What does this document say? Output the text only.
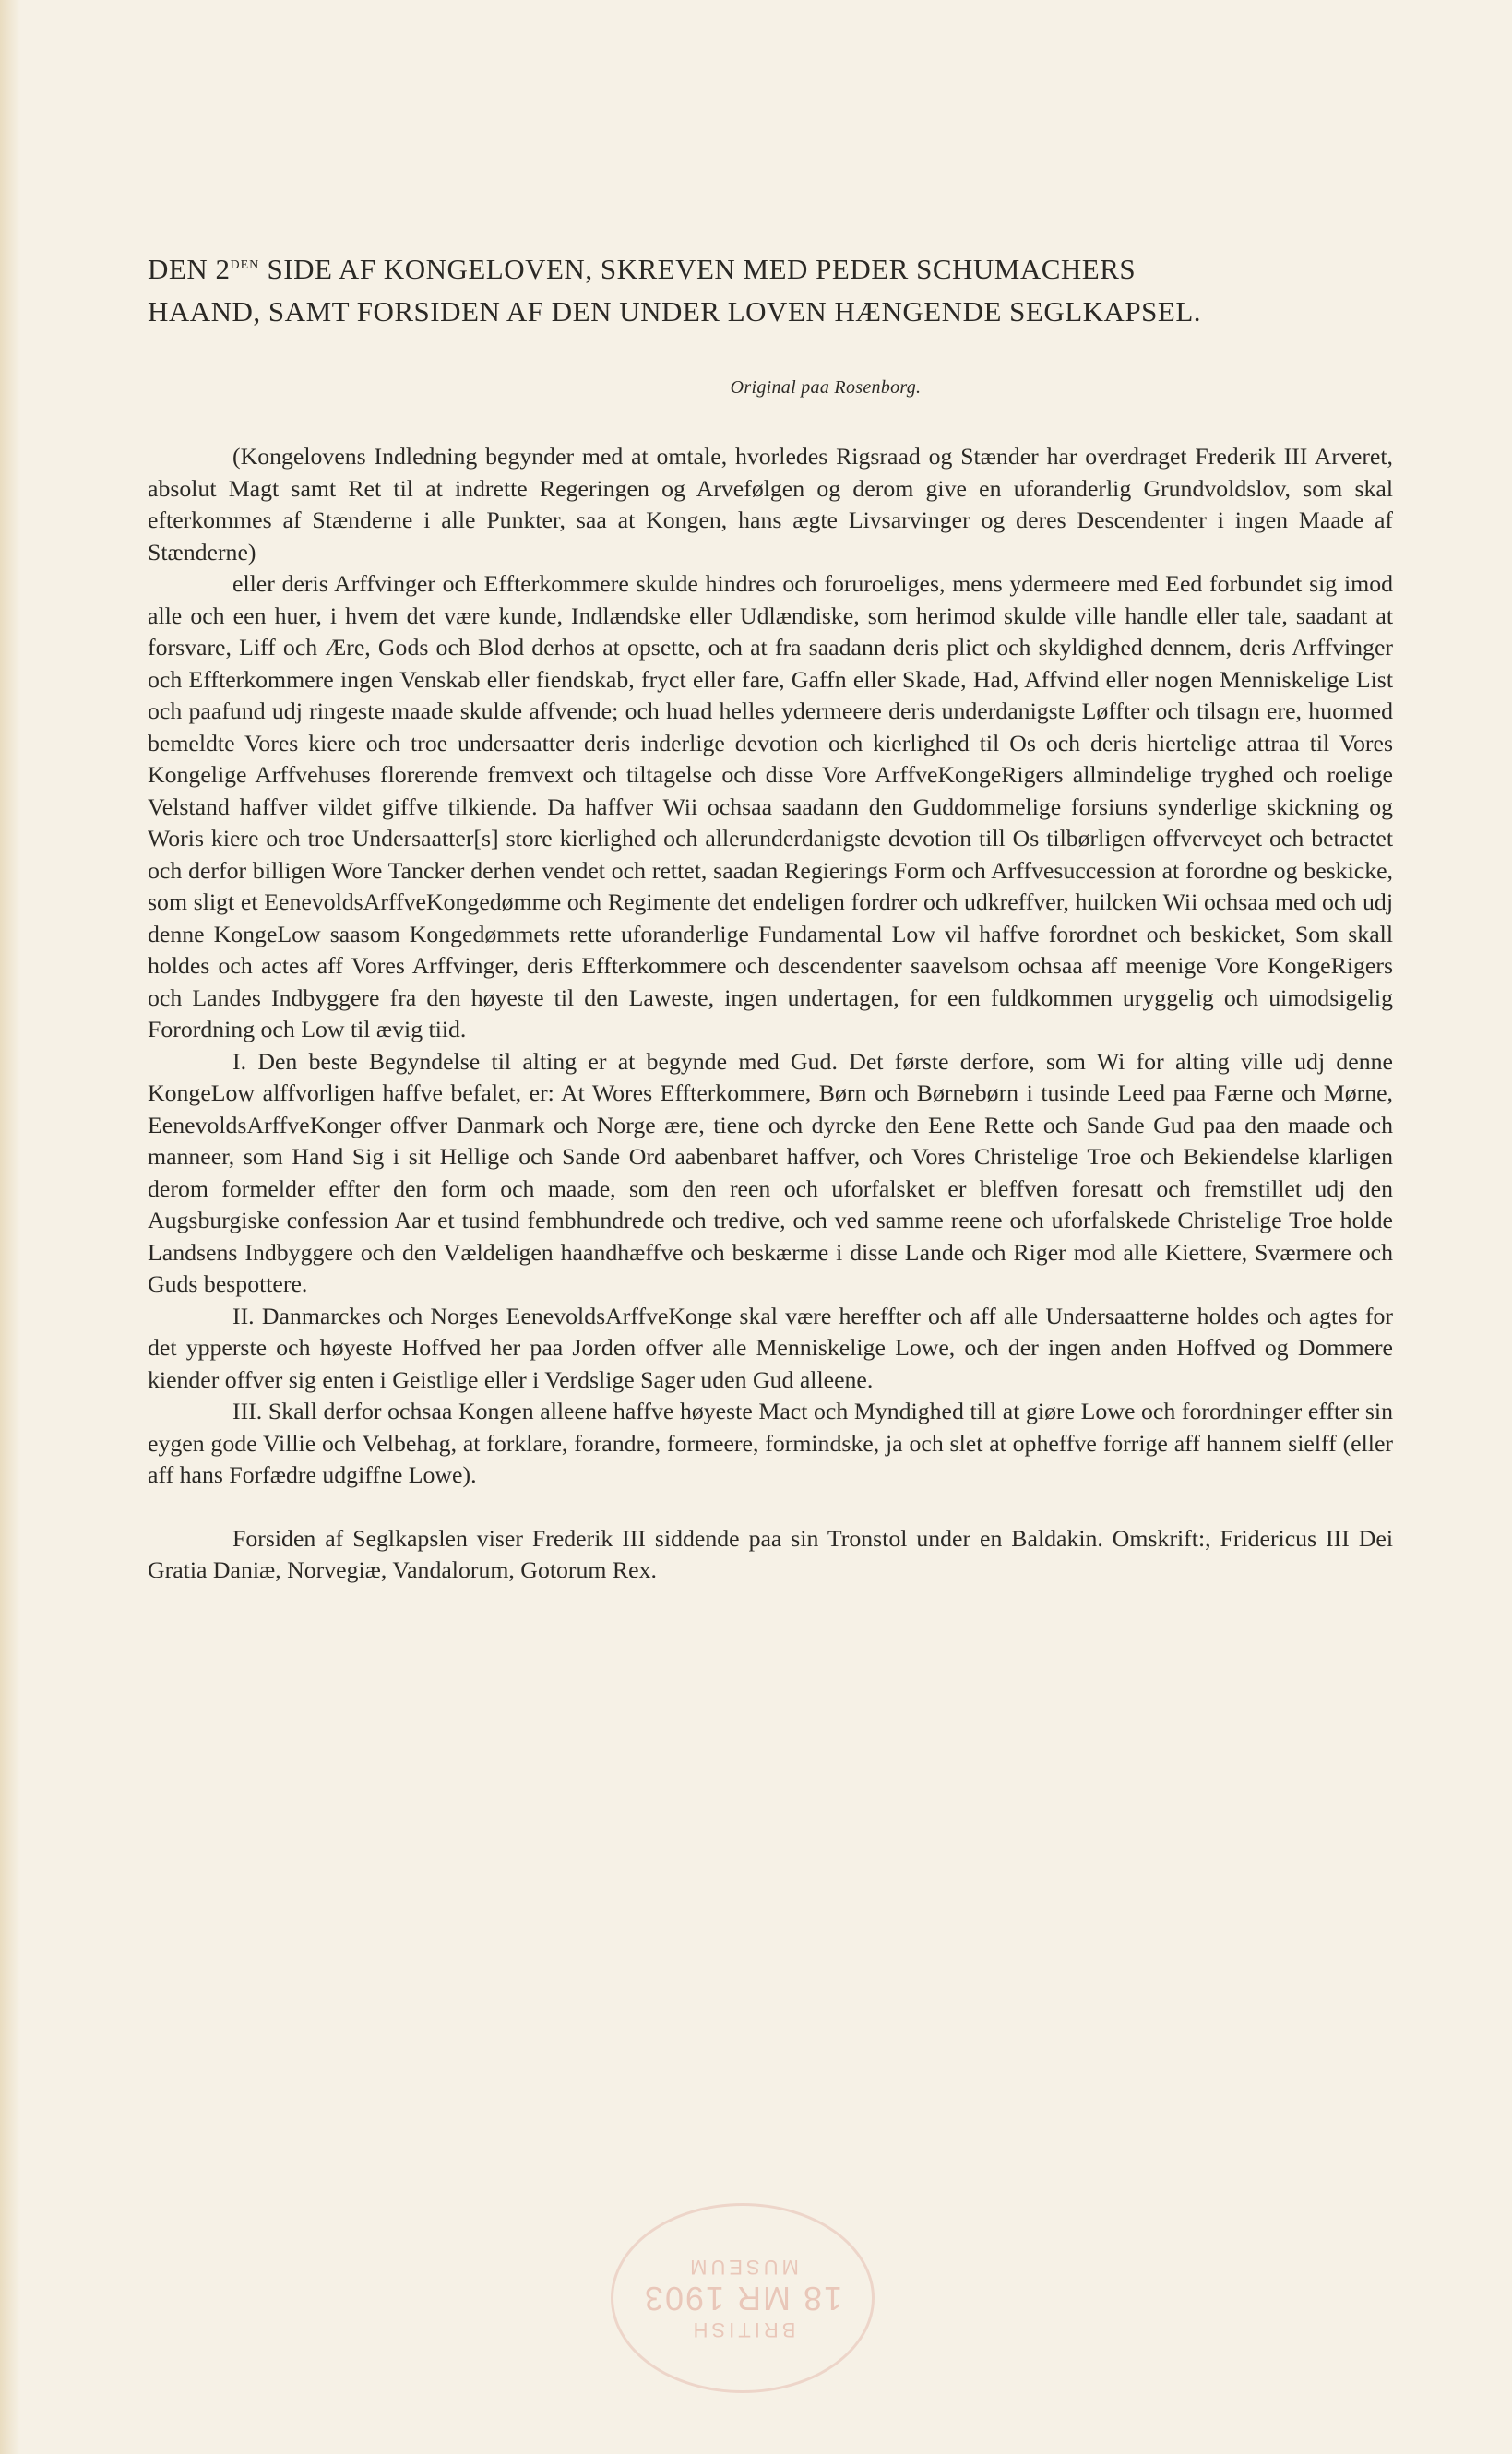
DEN $2^{DEN}$ SIDE AF KONGELOVEN, SKREVEN MED PEDER SCHUMACHERS
HAAND, SAMT FORSIDEN AF DEN UNDER LOVEN HÆNGENDE SEGLKAPSEL.
Original paa Rosenborg.

(Kongelovens Indledning begynder med at omtale, hvorledes Rigsraad og Stænder har overdraget Frederik III Arveret, absolut Magt samt Ret til at indrette Regeringen og Arvefølgen og derom give en uforanderlig Grundvoldslov, som skal efterkommes af Stænderne i alle Punkter, saa at Kongen, hans ægte Livsarvinger og deres Descendenter i ingen Maade af Stænderne)

eller deris Arffvinger och Effterkommere skulde hindres och foruroeliges, mens ydermeere med Eed forbundet sig imod alle och een huer, i hvem det være kunde, Indlændske eller Udlændiske, som herimod skulde ville handle eller tale, saadant at forsvare, Liff och Ære, Gods och Blod derhos at opsette, och at fra saadann deris plict och skyldighed dennem, deris Arffvinger och Effterkommere ingen Venskab eller fiendskab, fryct eller fare, Gaffn eller Skade, Had, Affvind eller nogen Menniskelige List och paafund udj ringeste maade skulde affvende; och huad helles ydermeere deris underdanigste Løffter och tilsagn ere, huormed bemeldte Vores kiere och troe undersaatter deris inderlige devotion och kierlighed til Os och deris hiertelige attraa til Vores Kongelige Arffvehuses florerende fremvext och tiltagelse och disse Vore ArffveKongeRigers allmindelige tryghed och roelige Velstand haffver vildet giffve tilkiende. Da haffver Wii ochsaa saadann den Guddommelige forsiuns synderlige skickning og Woris kiere och troe Undersaatter[s] store kierlighed och allerunderdanigste devotion till Os tilbørligen offverveyet och betractet och derfor billigen Wore Tancker derhen vendet och rettet, saadan Regierings Form och Arffvesuccession at forordne og beskicke, som sligt et EenevoldsArffveKongedømme och Regimente det endeligen fordrer och udkreffver, huilcken Wii ochsaa med och udj denne KongeLow saasom Kongedømmets rette uforanderlige Fundamental Low vil haffve forordnet och beskicket, Som skall holdes och actes aff Vores Arffvinger, deris Effterkommere och descendenter saavelsom ochsaa aff meenige Vore KongeRigers och Landes Indbyggere fra den høyeste til den Laweste, ingen undertagen, for een fuldkommen uryggelig och uimodsigelig Forordning och Low til ævig tiid.

I. Den beste Begyndelse til alting er at begynde med Gud. Det første derfore, som Wi for alting ville udj denne KongeLow alffvorligen haffve befalet, er: At Wores Effterkommere, Børn och Børnebørn i tusinde Leed paa Færne och Mørne, EenevoldsArffveKonger offver Danmark och Norge ære, tiene och dyrcke den Eene Rette och Sande Gud paa den maade och manneer, som Hand Sig i sit Hellige och Sande Ord aabenbaret haffver, och Vores Christelige Troe och Bekiendelse klarligen derom formelder effter den form och maade, som den reen och uforfalsket er bleffven foresatt och fremstillet udj den Augsburgiske confession Aar et tusind fembhundrede och tredive, och ved samme reene och uforfalskede Christelige Troe holde Landsens Indbyggere och den Vældeligen haandhæffve och beskærme i disse Lande och Riger mod alle Kiettere, Sværmere och Guds bespottere.

II. Danmarckes och Norges EenevoldsArffveKonge skal være hereffter och aff alle Undersaatterne holdes och agtes for det ypperste och høyeste Hoffved her paa Jorden offver alle Menniskelige Lowe, och der ingen anden Hoffved og Dommere kiender offver sig enten i Geistlige eller i Verdslige Sager uden Gud alleene.

III. Skall derfor ochsaa Kongen alleene haffve høyeste Mact och Myndighed till at giøre Lowe och forordninger effter sin eygen gode Villie och Velbehag, at forklare, forandre, formeere, formindske, ja och slet at opheffve forrige aff hannem sielff (eller aff hans Forfædre udgiffne Lowe).

Forsiden af Seglkapslen viser Frederik III siddende paa sin Tronstol under en Baldakin. Omskrift:, Fridericus III Dei Gratia Daniæ, Norvegiæ, Vandalorum, Gotorum Rex.

BRITISH
18 MR 1903
MUSEUM
